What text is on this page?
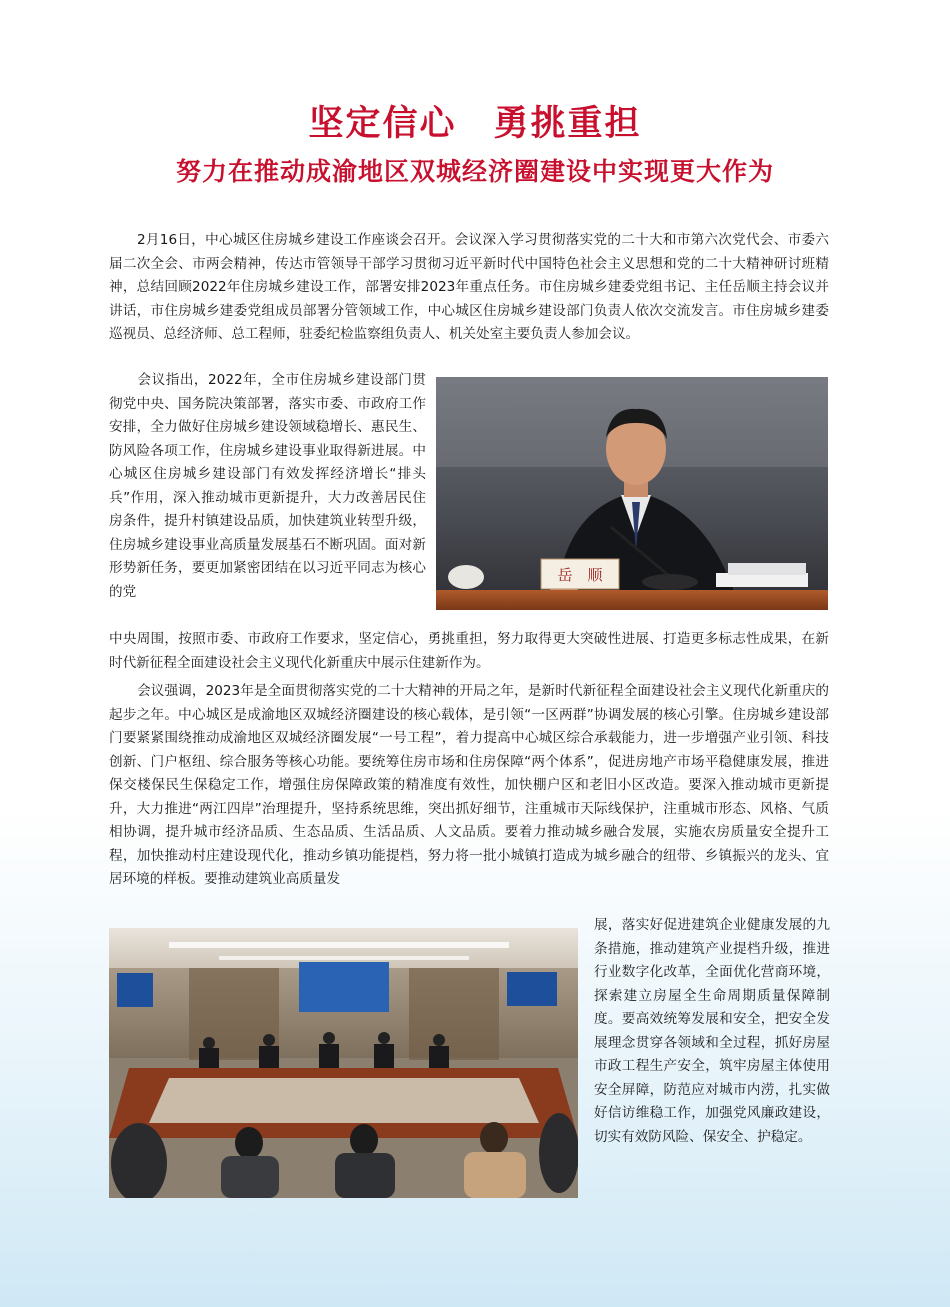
坚定信心　勇挑重担
努力在推动成渝地区双城经济圈建设中实现更大作为

2月16日，中心城区住房城乡建设工作座谈会召开。会议深入学习贯彻落实党的二十大和市第六次党代会、市委六届二次全会、市两会精神，传达市管领导干部学习贯彻习近平新时代中国特色社会主义思想和党的二十大精神研讨班精神，总结回顾2022年住房城乡建设工作，部署安排2023年重点任务。市住房城乡建委党组书记、主任岳顺主持会议并讲话，市住房城乡建委党组成员部署分管领域工作，中心城区住房城乡建设部门负责人依次交流发言。市住房城乡建委巡视员、总经济师、总工程师，驻委纪检监察组负责人、机关处室主要负责人参加会议。

会议指出，2022年，全市住房城乡建设部门贯彻党中央、国务院决策部署，落实市委、市政府工作安排，全力做好住房城乡建设领域稳增长、惠民生、防风险各项工作，住房城乡建设事业取得新进展。中心城区住房城乡建设部门有效发挥经济增长“排头兵”作用，深入推动城市更新提升，大力改善居民住房条件，提升村镇建设品质，加快建筑业转型升级，住房城乡建设事业高质量发展基石不断巩固。面对新形势新任务，要更加紧密团结在以习近平同志为核心的党

岳　顺

中央周围，按照市委、市政府工作要求，坚定信心，勇挑重担，努力取得更大突破性进展、打造更多标志性成果，在新时代新征程全面建设社会主义现代化新重庆中展示住建新作为。

会议强调，2023年是全面贯彻落实党的二十大精神的开局之年，是新时代新征程全面建设社会主义现代化新重庆的起步之年。中心城区是成渝地区双城经济圈建设的核心载体，是引领“一区两群”协调发展的核心引擎。住房城乡建设部门要紧紧围绕推动成渝地区双城经济圈发展“一号工程”，着力提高中心城区综合承载能力，进一步增强产业引领、科技创新、门户枢纽、综合服务等核心功能。要统筹住房市场和住房保障“两个体系”，促进房地产市场平稳健康发展，推进保交楼保民生保稳定工作，增强住房保障政策的精准度有效性，加快棚户区和老旧小区改造。要深入推动城市更新提升，大力推进“两江四岸”治理提升，坚持系统思维，突出抓好细节，注重城市天际线保护，注重城市形态、风格、气质相协调，提升城市经济品质、生态品质、生活品质、人文品质。要着力推动城乡融合发展，实施农房质量安全提升工程，加快推动村庄建设现代化，推动乡镇功能提档，努力将一批小城镇打造成为城乡融合的纽带、乡镇振兴的龙头、宜居环境的样板。要推动建筑业高质量发

展，落实好促进建筑企业健康发展的九条措施，推动建筑产业提档升级，推进行业数字化改革，全面优化营商环境，探索建立房屋全生命周期质量保障制度。要高效统筹发展和安全，把安全发展理念贯穿各领域和全过程，抓好房屋市政工程生产安全，筑牢房屋主体使用安全屏障，防范应对城市内涝，扎实做好信访维稳工作，加强党风廉政建设，切实有效防风险、保安全、护稳定。
